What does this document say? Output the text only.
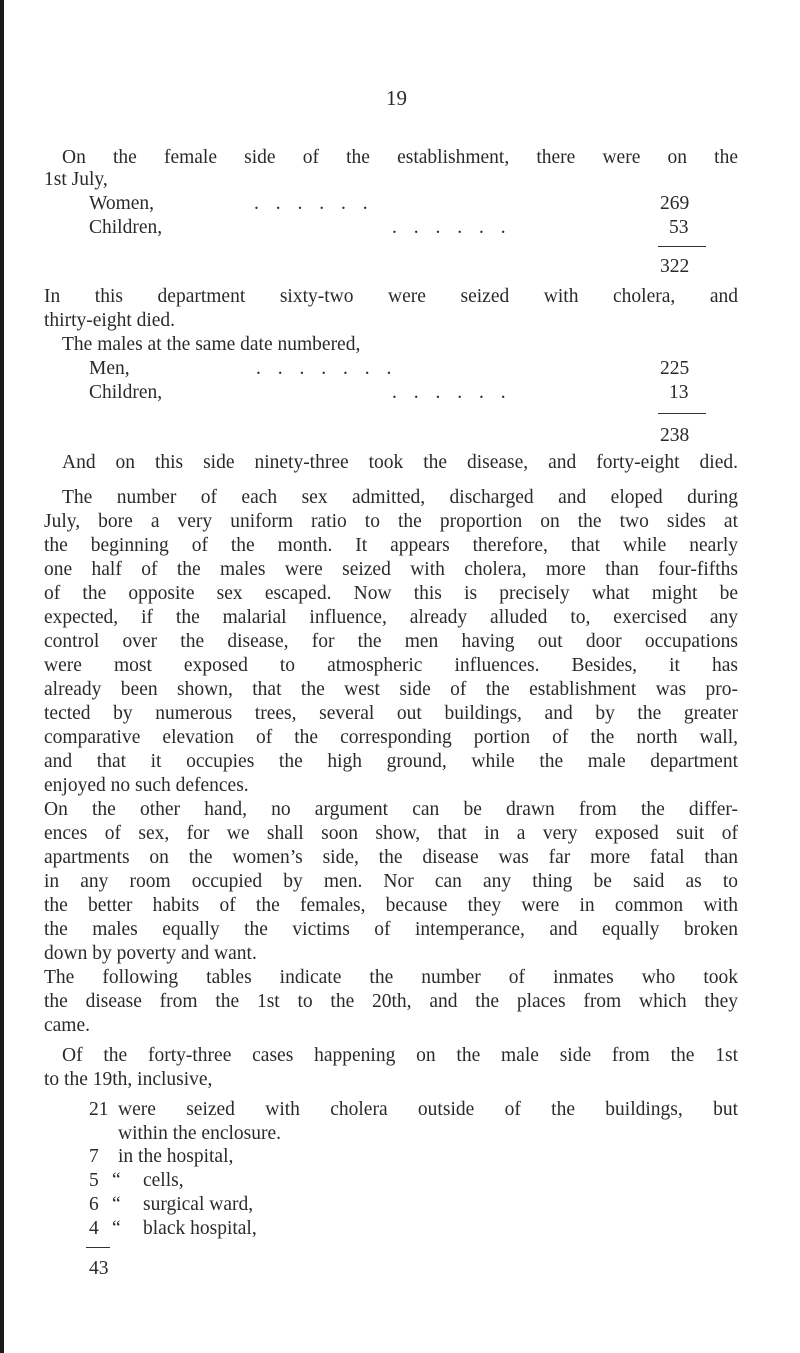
19
On the female side of the establishment, there were on the
1st July,
Women,	. . . . . .	269
Children,	. . . . . .	53
322
In this department sixty-two were seized with cholera, and
thirty-eight died.
The males at the same date numbered,
Men,	. . . . . . .	225
Children,	. . . . . .	13
238
And on this side ninety-three took the disease, and forty-eight died.
The number of each sex admitted, discharged and eloped during
July, bore a very uniform ratio to the proportion on the two sides at
the beginning of the month. It appears therefore, that while nearly
one half of the males were seized with cholera, more than four-fifths
of the opposite sex escaped. Now this is precisely what might be
expected, if the malarial influence, already alluded to, exercised any
control over the disease, for the men having out door occupations
were most exposed to atmospheric influences. Besides, it has
already been shown, that the west side of the establishment was pro-
tected by numerous trees, several out buildings, and by the greater
comparative elevation of the corresponding portion of the north wall,
and that it occupies the high ground, while the male department
enjoyed no such defences.
On the other hand, no argument can be drawn from the differ-
ences of sex, for we shall soon show, that in a very exposed suit of
apartments on the women’s side, the disease was far more fatal than
in any room occupied by men. Nor can any thing be said as to
the better habits of the females, because they were in common with
the males equally the victims of intemperance, and equally broken
down by poverty and want.
The following tables indicate the number of inmates who took
the disease from the 1st to the 20th, and the places from which they
came.
Of the forty-three cases happening on the male side from the 1st
to the 19th, inclusive,
21 were seized with cholera outside of the buildings, but
within the enclosure.
7 in the hospital,
5 “ cells,
6 “ surgical ward,
4 “ black hospital,
43
